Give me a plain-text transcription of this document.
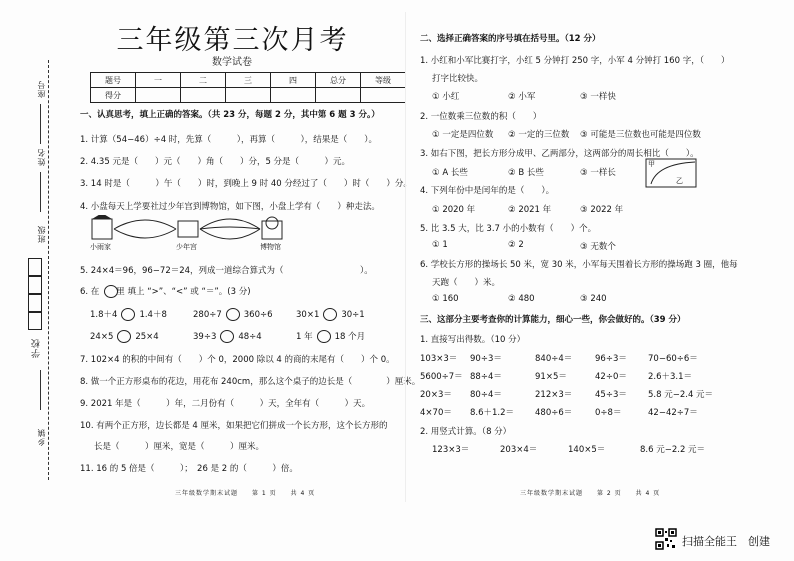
座号
姓名
班级
学校
乡镇
三年级第三次月考
数学试卷
题号	一	二	三	四	总分	等级
得分						
一、认真思考，填上正确的答案。（共 23 分，每题 2 分，其中第 6 题 3 分。）
1. 计算（54−46）÷4 时，先算（　　　），再算（　　　），结果是（　　）。
2. 4.35 元是（　　）元（　　）角（　　）分，5 分是（　　　）元。
3. 14 时是（　　　）午（　　）时，到晚上 9 时 40 分经过了（　　）时（　　）分。
4. 小盘每天上学要社过少年宫到博物馆，如下图，小盘上学有（　　）种走法。
小雨家	少年宫	博物馆
5. 24×4＝96，96−72＝24，列成一道综合算式为（　　　　　　　　　）。
6. 在　　里 填上 “>”、“<” 或 “＝”。(3 分)
1.8＋4	1.4＋8	280÷7	360÷6	30×1	30÷1
24×5	25×4	39÷3	48÷4	1 年	18 个月
7. 102×4 的积的中间有（　　）个 0，2000 除以 4 的商的末尾有（　　）个 0。
8. 做一个正方形桌布的花边，用花布 240cm，那么这个桌子的边长是（　　　　）厘米。
9. 2021 年是（　　　）年，二月份有（　　　）天，全年有（　　　）天。
10. 有两个正方形，边长都是 4 厘米，如果把它们拼成一个长方形，这个长方形的
长是（　　　）厘米，宽是（　　　）厘米。
11. 16 的 5 倍是（　　　）；　26 是 2 的（　　　）倍。
三年级数学期末试题　　第 1 页　　共 4 页
二、选择正确答案的序号填在括号里。（12 分）
1. 小红和小军比赛打字，小红 5 分钟打 250 字，小军 4 分钟打 160 字，（　　）
打字比较快。
① 小红	② 小军	③ 一样快
2. 一位数乘三位数的积（　　）
① 一定是四位数 ② 一定的三位数 ③ 可能是三位数也可能是四位数
3. 如右下图，把长方形分成甲、乙两部分，这两部分的周长相比（　　）。
① A 长些	② B 长些	③ 一样长
甲
乙
4. 下列年份中是闰年的是（　　）。
① 2020 年	② 2021 年	③ 2022 年
5. 比 3.5 大，比 3.7 小的小数有（　　）个。
① 1	② 2	③ 无数个
6. 学校长方形的操场长 50 米，宽 30 米，小军每天围着长方形的操场跑 3 圈，他每
天跑（　　）米。
① 160	② 480	③ 240
三、这部分主要考查你的计算能力，细心一些，你会做好的。（39 分）
1. 直接写出得数。（10 分）
103×3＝ 90÷3＝	840÷4＝	96÷3＝ 70−60÷6＝
5600÷7＝ 88÷4＝	91×5＝	42÷0＝ 2.6＋3.1＝
20×3＝ 80÷4＝	212×3＝	45÷3＝ 5.8 元−2.4 元＝
4×70＝ 8.6＋1.2＝ 480÷6＝	0÷8＝	42−42÷7＝
2. 用竖式计算。（8 分）
123×3＝	203×4＝	140×5＝	8.6 元−2.2 元＝
三年级数学期末试题　　第 2 页　　共 4 页
扫描全能王　创建
